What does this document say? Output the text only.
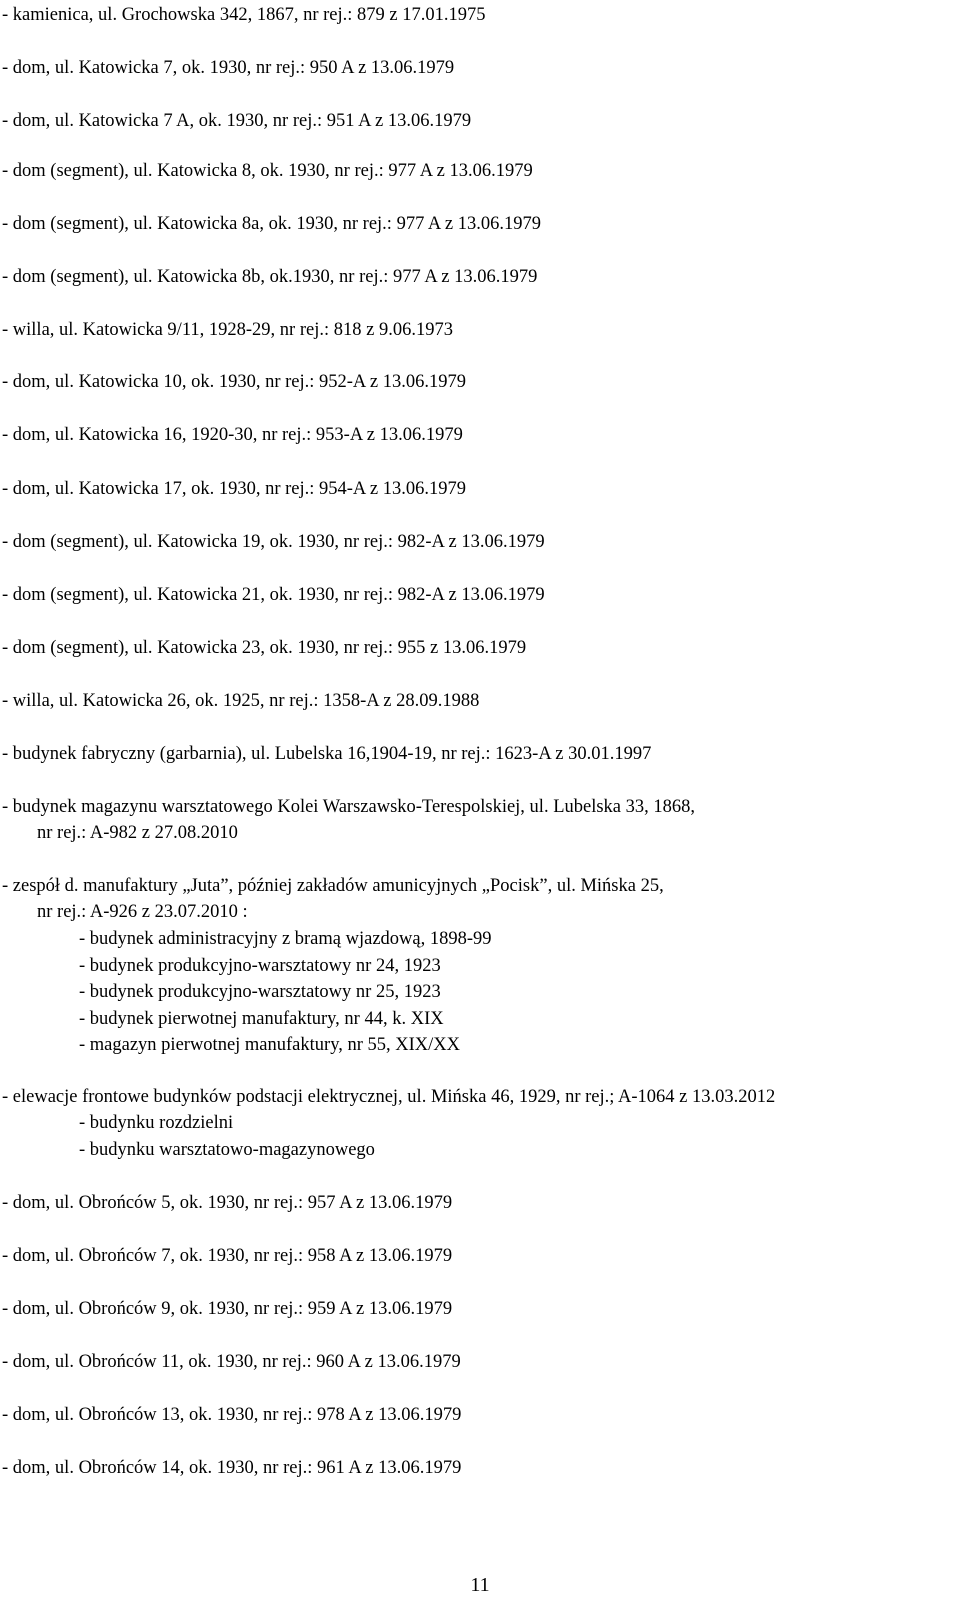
- kamienica, ul. Grochowska 342, 1867, nr rej.: 879 z 17.01.1975
- dom, ul. Katowicka 7, ok. 1930, nr rej.: 950 A z 13.06.1979
- dom, ul. Katowicka 7 A, ok. 1930, nr rej.: 951 A z 13.06.1979
- dom (segment), ul. Katowicka 8, ok. 1930, nr rej.: 977 A z 13.06.1979
- dom (segment), ul. Katowicka 8a, ok. 1930, nr rej.: 977 A z 13.06.1979
- dom (segment), ul. Katowicka 8b, ok.1930, nr rej.: 977 A z 13.06.1979
- willa, ul. Katowicka 9/11, 1928-29, nr rej.: 818 z 9.06.1973
- dom, ul. Katowicka 10, ok. 1930, nr rej.: 952-A z 13.06.1979
- dom, ul. Katowicka 16, 1920-30, nr rej.: 953-A z 13.06.1979
- dom, ul. Katowicka 17, ok. 1930, nr rej.: 954-A z 13.06.1979
- dom (segment), ul. Katowicka 19, ok. 1930, nr rej.: 982-A z 13.06.1979
- dom (segment), ul. Katowicka 21, ok. 1930, nr rej.: 982-A z 13.06.1979
- dom (segment), ul. Katowicka 23, ok. 1930, nr rej.: 955 z 13.06.1979
- willa, ul. Katowicka 26, ok. 1925, nr rej.: 1358-A z 28.09.1988
- budynek fabryczny (garbarnia), ul. Lubelska 16,1904-19, nr rej.: 1623-A z 30.01.1997
- budynek magazynu warsztatowego Kolei Warszawsko-Terespolskiej, ul. Lubelska 33, 1868,
nr rej.: A-982 z 27.08.2010
- zespół d. manufaktury „Juta”, później zakładów amunicyjnych „Pocisk”, ul. Mińska 25,
nr rej.: A-926 z 23.07.2010 :
- budynek administracyjny z bramą wjazdową, 1898-99
- budynek produkcyjno-warsztatowy nr 24, 1923
- budynek produkcyjno-warsztatowy nr 25, 1923
- budynek pierwotnej manufaktury, nr 44, k. XIX
- magazyn pierwotnej manufaktury, nr 55, XIX/XX
- elewacje frontowe budynków podstacji elektrycznej, ul. Mińska 46, 1929, nr rej.; A-1064 z 13.03.2012
- budynku rozdzielni
- budynku warsztatowo-magazynowego
- dom, ul. Obrońców 5, ok. 1930, nr rej.: 957 A z 13.06.1979
- dom, ul. Obrońców 7, ok. 1930, nr rej.: 958 A z 13.06.1979
- dom, ul. Obrońców 9, ok. 1930, nr rej.: 959 A z 13.06.1979
- dom, ul. Obrońców 11, ok. 1930, nr rej.: 960 A z 13.06.1979
- dom, ul. Obrońców 13, ok. 1930, nr rej.: 978 A z 13.06.1979
- dom, ul. Obrońców 14, ok. 1930, nr rej.: 961 A z 13.06.1979
11
